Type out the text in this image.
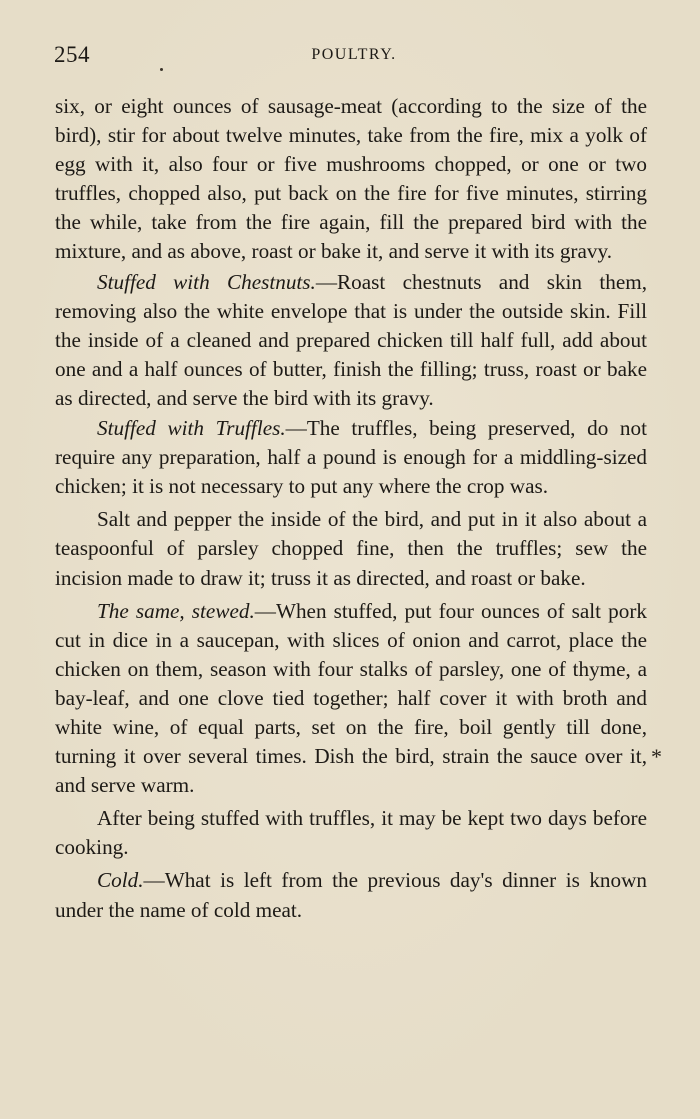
254	POULTRY.

six, or eight ounces of sausage-meat (according to the size of the bird), stir for about twelve minutes, take from the fire, mix a yolk of egg with it, also four or five mushrooms chopped, or one or two truffles, chopped also, put back on the fire for five minutes, stirring the while, take from the fire again, fill the prepared bird with the mixture, and as above, roast or bake it, and serve it with its gravy.

Stuffed with Chestnuts.—Roast chestnuts and skin them, removing also the white envelope that is under the outside skin. Fill the inside of a cleaned and prepared chicken till half full, add about one and a half ounces of butter, finish the filling; truss, roast or bake as directed, and serve the bird with its gravy.

Stuffed with Truffles.—The truffles, being preserved, do not require any preparation, half a pound is enough for a middling-sized chicken; it is not necessary to put any where the crop was.

Salt and pepper the inside of the bird, and put in it also about a teaspoonful of parsley chopped fine, then the truffles; sew the incision made to draw it; truss it as directed, and roast or bake.

The same, stewed.—When stuffed, put four ounces of salt pork cut in dice in a saucepan, with slices of onion and carrot, place the chicken on them, season with four stalks of parsley, one of thyme, a bay-leaf, and one clove tied together; half cover it with broth and white wine, of equal parts, set on the fire, boil gently till done, turning it over several times. Dish the bird, strain the sauce over it, and serve warm.

After being stuffed with truffles, it may be kept two days before cooking.

Cold.—What is left from the previous day's dinner is known under the name of cold meat.

*
